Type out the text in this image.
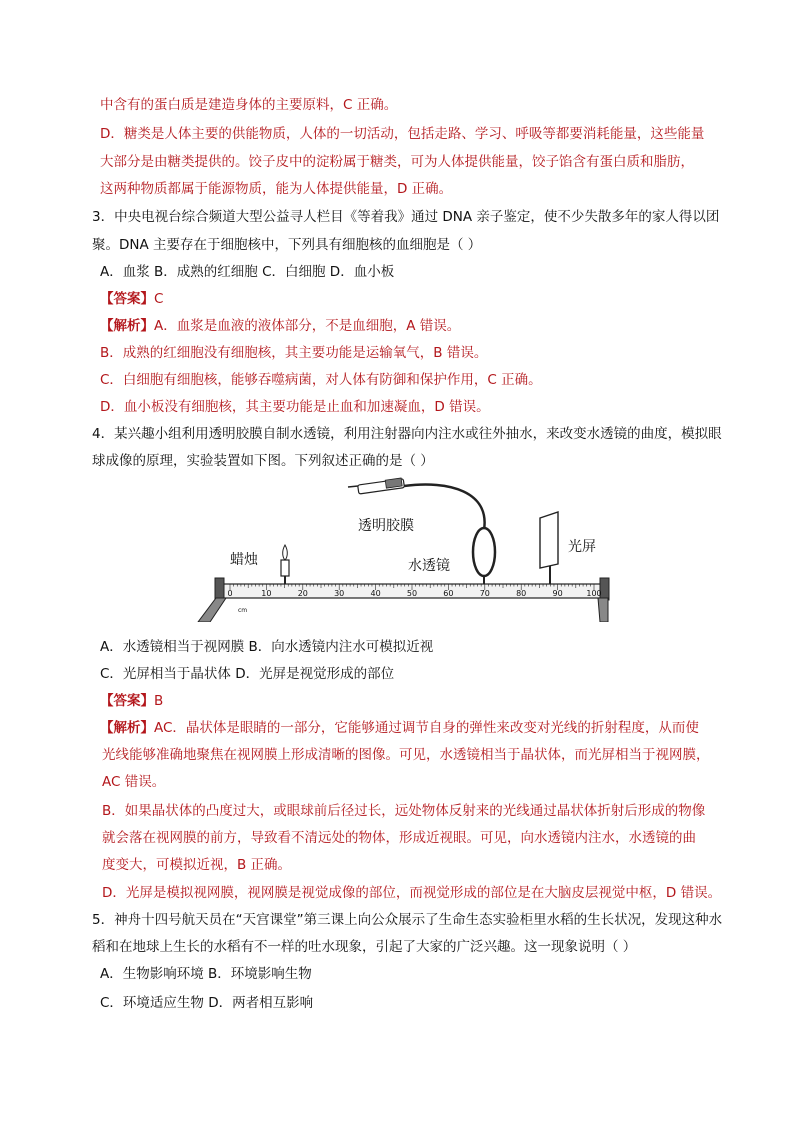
中含有的蛋白质是建造身体的主要原料，C 正确。
D．糖类是人体主要的供能物质，人体的一切活动，包括走路、学习、呼吸等都要消耗能量，这些能量
大部分是由糖类提供的。饺子皮中的淀粉属于糖类，可为人体提供能量，饺子馅含有蛋白质和脂肪，
这两种物质都属于能源物质，能为人体提供能量，D 正确。
3．中央电视台综合频道大型公益寻人栏目《等着我》通过 DNA 亲子鉴定，使不少失散多年的家人得以团
聚。DNA 主要存在于细胞核中，下列具有细胞核的血细胞是（ ）
A．血浆 B．成熟的红细胞 C．白细胞 D．血小板
【答案】C
【解析】A．血浆是血液的液体部分，不是血细胞，A 错误。
B．成熟的红细胞没有细胞核，其主要功能是运输氧气，B 错误。
C．白细胞有细胞核，能够吞噬病菌，对人体有防御和保护作用，C 正确。
D．血小板没有细胞核，其主要功能是止血和加速凝血，D 错误。
4．某兴趣小组利用透明胶膜自制水透镜，利用注射器向内注水或往外抽水，来改变水透镜的曲度，模拟眼
球成像的原理，实验装置如下图。下列叙述正确的是（ ）
透明胶膜
光屏
蜡烛	水透镜
0	10	20	30	40	50	60	70	80	90	100
cm
A．水透镜相当于视网膜 B．向水透镜内注水可模拟近视
C．光屏相当于晶状体 D．光屏是视觉形成的部位
【答案】B
【解析】AC．晶状体是眼睛的一部分，它能够通过调节自身的弹性来改变对光线的折射程度，从而使
光线能够准确地聚焦在视网膜上形成清晰的图像。可见，水透镜相当于晶状体，而光屏相当于视网膜，
AC 错误。
B．如果晶状体的凸度过大，或眼球前后径过长，远处物体反射来的光线通过晶状体折射后形成的物像
就会落在视网膜的前方，导致看不清远处的物体，形成近视眼。可见，向水透镜内注水，水透镜的曲
度变大，可模拟近视，B 正确。
D．光屏是模拟视网膜，视网膜是视觉成像的部位，而视觉形成的部位是在大脑皮层视觉中枢，D 错误。
5．神舟十四号航天员在“天宫课堂”第三课上向公众展示了生命生态实验柜里水稻的生长状况，发现这种水
稻和在地球上生长的水稻有不一样的吐水现象，引起了大家的广泛兴趣。这一现象说明（ ）
A．生物影响环境 B．环境影响生物
C．环境适应生物 D．两者相互影响
